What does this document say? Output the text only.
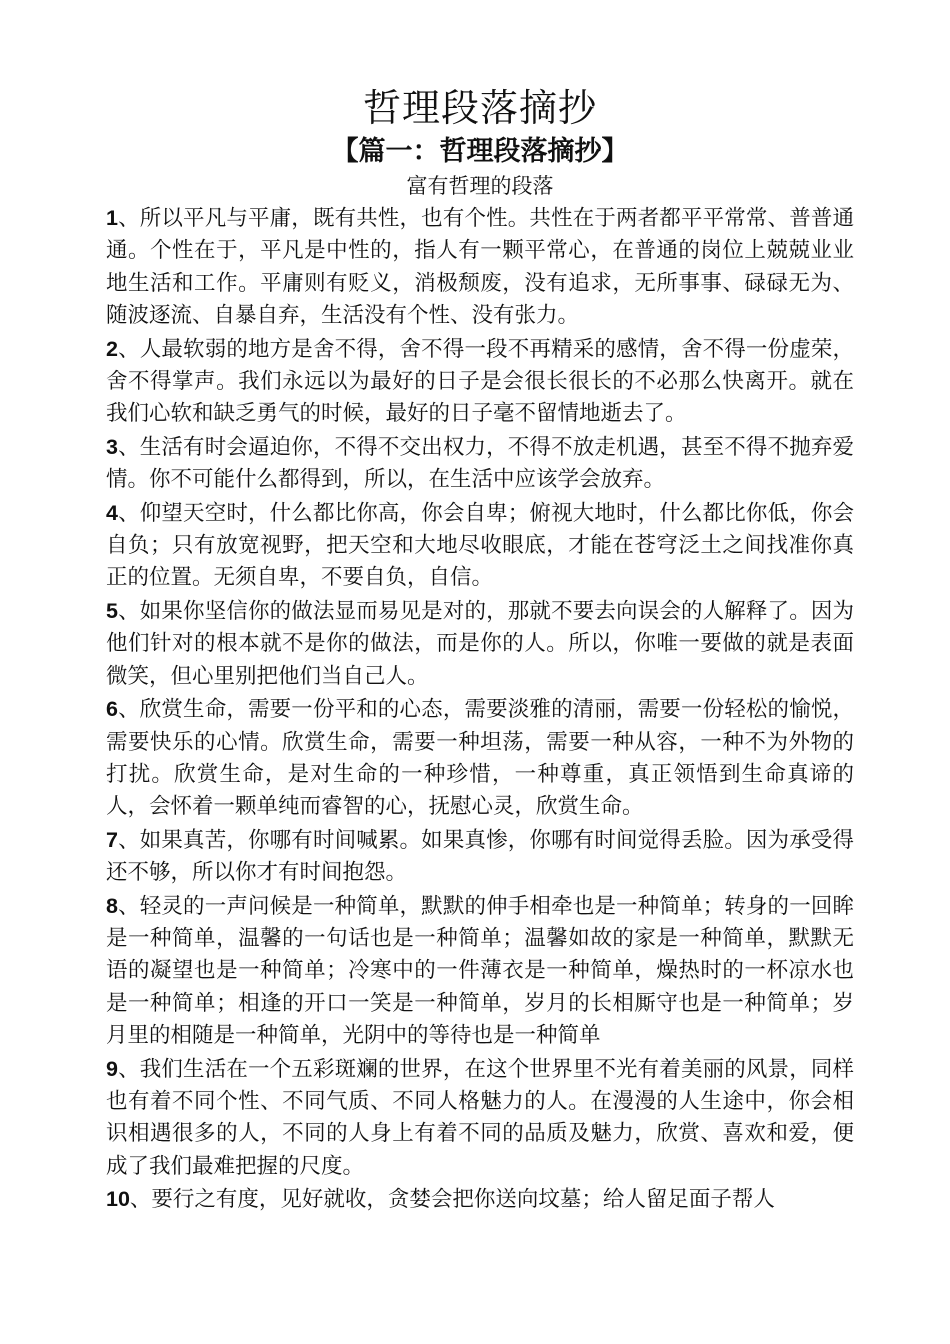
哲理段落摘抄
【篇一：哲理段落摘抄】

富有哲理的段落

1、所以平凡与平庸，既有共性，也有个性。共性在于两者都平平常常、普普通通。个性在于，平凡是中性的，指人有一颗平常心，在普通的岗位上兢兢业业地生活和工作。平庸则有贬义，消极颓废，没有追求，无所事事、碌碌无为、随波逐流、自暴自弃，生活没有个性、没有张力。

2、人最软弱的地方是舍不得，舍不得一段不再精采的感情，舍不得一份虚荣，舍不得掌声。我们永远以为最好的日子是会很长很长的不必那么快离开。就在我们心软和缺乏勇气的时候，最好的日子毫不留情地逝去了。

3、生活有时会逼迫你，不得不交出权力，不得不放走机遇，甚至不得不抛弃爱情。你不可能什么都得到，所以，在生活中应该学会放弃。

4、仰望天空时，什么都比你高，你会自卑；俯视大地时，什么都比你低，你会自负；只有放宽视野，把天空和大地尽收眼底，才能在苍穹泛土之间找准你真正的位置。无须自卑，不要自负，自信。

5、如果你坚信你的做法显而易见是对的，那就不要去向误会的人解释了。因为他们针对的根本就不是你的做法，而是你的人。所以，你唯一要做的就是表面微笑，但心里别把他们当自己人。

6、欣赏生命，需要一份平和的心态，需要淡雅的清丽，需要一份轻松的愉悦，需要快乐的心情。欣赏生命，需要一种坦荡，需要一种从容，一种不为外物的打扰。欣赏生命，是对生命的一种珍惜，一种尊重，真正领悟到生命真谛的人，会怀着一颗单纯而睿智的心，抚慰心灵，欣赏生命。

7、如果真苦，你哪有时间喊累。如果真惨，你哪有时间觉得丢脸。因为承受得还不够，所以你才有时间抱怨。

8、轻灵的一声问候是一种简单，默默的伸手相牵也是一种简单；转身的一回眸是一种简单，温馨的一句话也是一种简单；温馨如故的家是一种简单，默默无语的凝望也是一种简单；冷寒中的一件薄衣是一种简单，燥热时的一杯凉水也是一种简单；相逢的开口一笑是一种简单，岁月的长相厮守也是一种简单；岁月里的相随是一种简单，光阴中的等待也是一种简单

9、我们生活在一个五彩斑斓的世界，在这个世界里不光有着美丽的风景，同样也有着不同个性、不同气质、不同人格魅力的人。在漫漫的人生途中，你会相识相遇很多的人，不同的人身上有着不同的品质及魅力，欣赏、喜欢和爱，便成了我们最难把握的尺度。

10、要行之有度，见好就收，贪婪会把你送向坟墓；给人留足面子帮人
